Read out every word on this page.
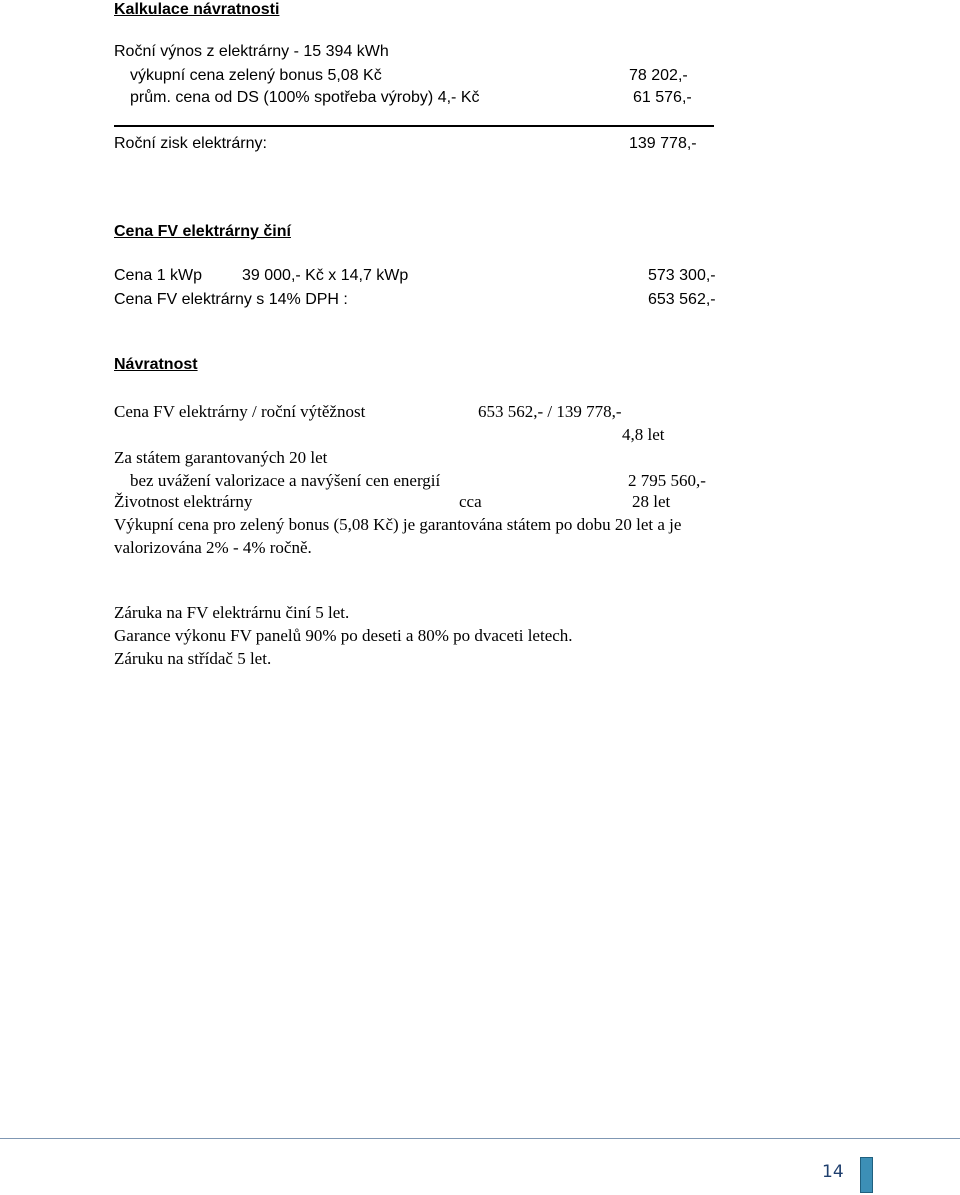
Kalkulace návratnosti
Roční výnos z elektrárny - 15 394 kWh
výkupní cena zelený bonus 5,08 Kč	78 202,-
prům. cena od DS (100% spotřeba výroby) 4,- Kč	61 576,-
Roční zisk elektrárny:	139 778,-
Cena FV elektrárny činí
Cena 1 kWp 39 000,- Kč x 14,7 kWp	573 300,-
Cena FV elektrárny s 14% DPH :	653 562,-
Návratnost
Cena FV elektrárny / roční výtěžnost	653 562,- / 139 778,-
4,8 let
Za státem garantovaných 20 let
bez uvážení valorizace a navýšení cen energií	2 795 560,-
Životnost elektrárny	cca	28 let
Výkupní cena pro zelený bonus (5,08 Kč) je garantována státem po dobu 20 let a je
valorizována 2% - 4% ročně.
Záruka na FV elektrárnu činí 5 let.
Garance výkonu FV panelů 90% po deseti a 80% po dvaceti letech.
Záruku na střídač 5 let.
14
